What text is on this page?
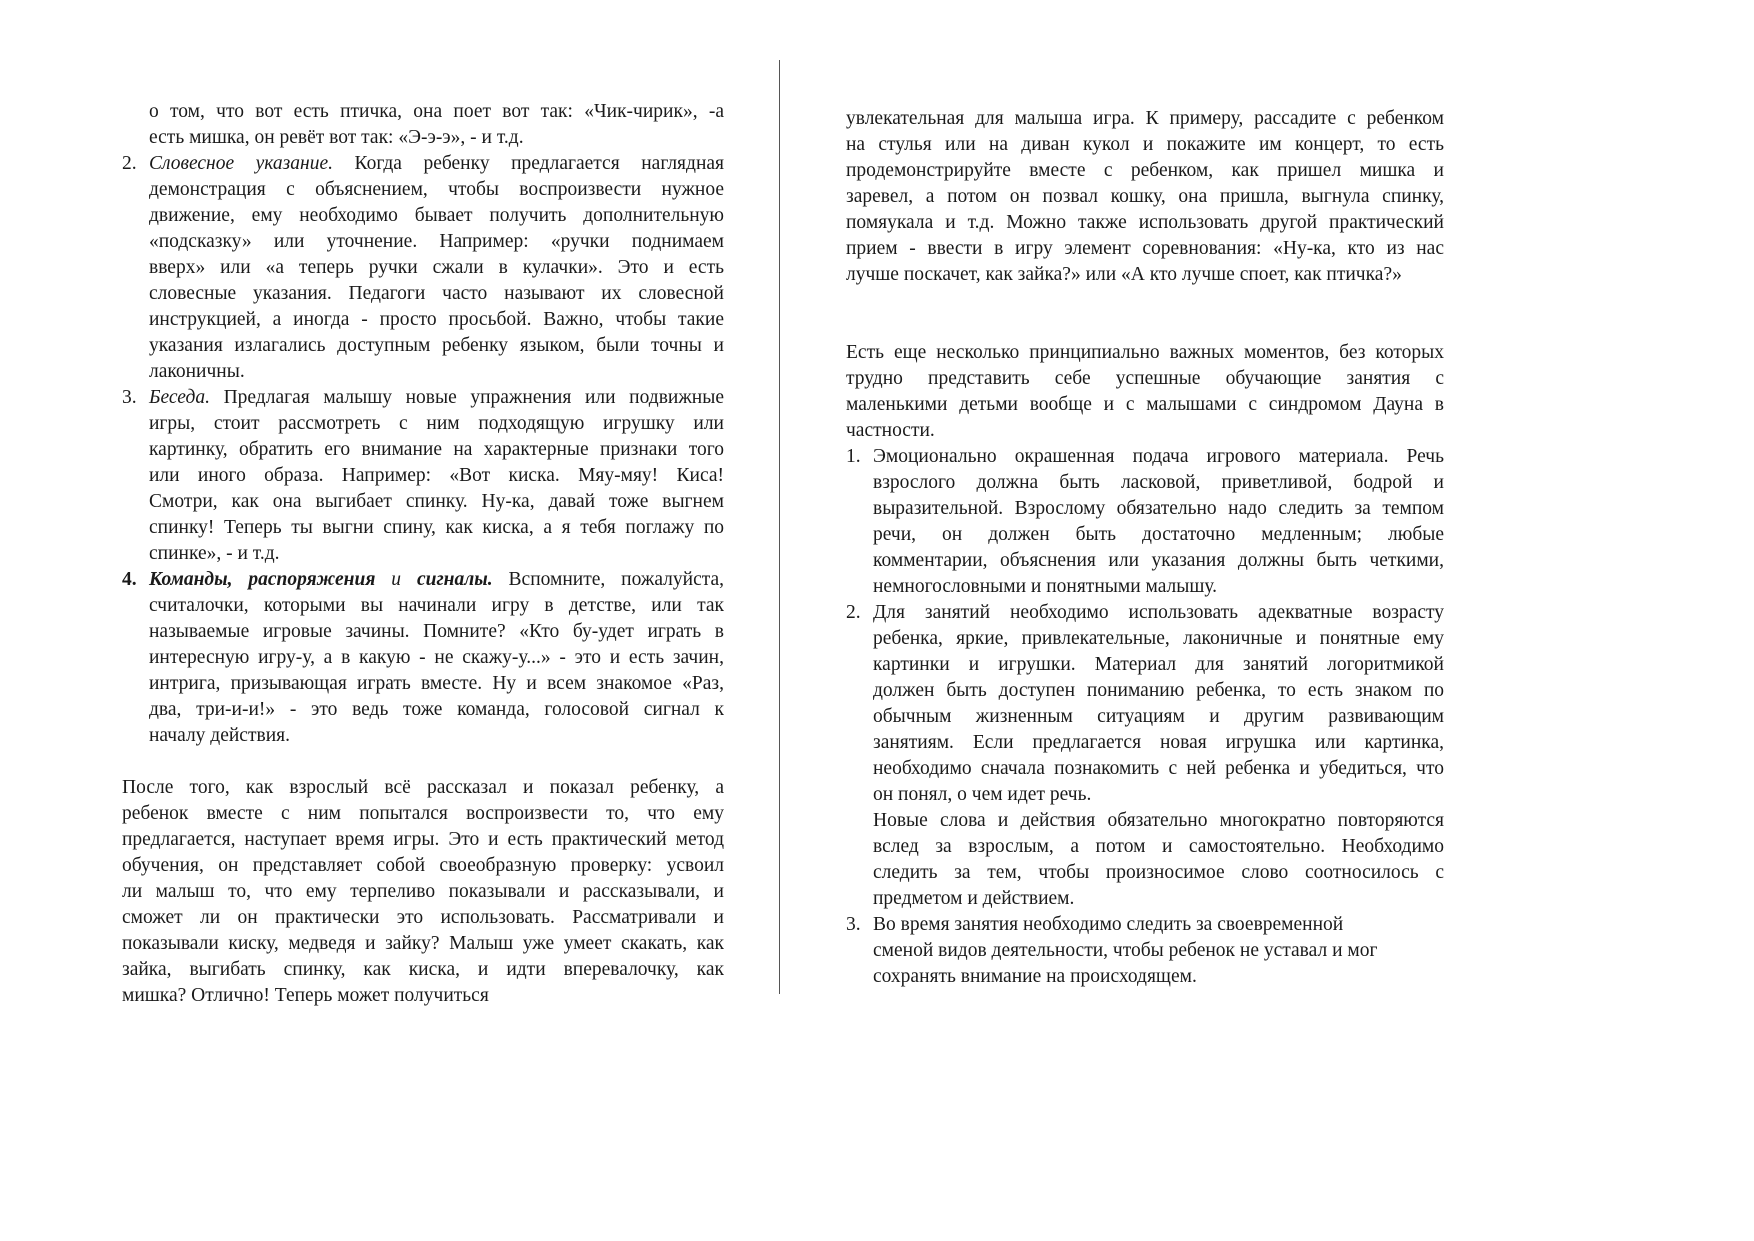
о том, что вот есть птичка, она поет вот так: «Чик-чирик», -а
есть мишка, он ревёт вот так: «Э-э-э», - и т.д.
2. Словесное указание. Когда ребенку предлагается наглядная
демонстрация с объяснением, чтобы воспроизвести нужное
движение, ему необходимо бывает получить дополнительную
«подсказку» или уточнение. Например: «ручки поднимаем
вверх» или «а теперь ручки сжали в кулачки». Это и есть
словесные указания. Педагоги часто называют их словесной
инструкцией, а иногда - просто просьбой. Важно, чтобы такие
указания излагались доступным ребенку языком, были точны и
лаконичны.
3. Беседа. Предлагая малышу новые упражнения или подвижные
игры, стоит рассмотреть с ним подходящую игрушку или
картинку, обратить его внимание на характерные признаки того
или иного образа. Например: «Вот киска. Мяу-мяу! Киса!
Смотри, как она выгибает спинку. Ну-ка, давай тоже выгнем
спинку! Теперь ты выгни спину, как киска, а я тебя поглажу по
спинке», - и т.д.
4. Команды, распоряжения и сигналы. Вспомните, пожалуйста,
считалочки, которыми вы начинали игру в детстве, или так
называемые игровые зачины. Помните? «Кто бу-удет играть в
интересную игру-у, а в какую - не скажу-у...» - это и есть зачин,
интрига, призывающая играть вместе. Ну и всем знакомое «Раз,
два, три-и-и!» - это ведь тоже команда, голосовой сигнал к
началу действия.
После того, как взрослый всё рассказал и показал ребенку, а
ребенок вместе с ним попытался воспроизвести то, что ему
предлагается, наступает время игры. Это и есть практический метод
обучения, он представляет собой своеобразную проверку: усвоил
ли малыш то, что ему терпеливо показывали и рассказывали, и
сможет ли он практически это использовать. Рассматривали и
показывали киску, медведя и зайку? Малыш уже умеет скакать, как
зайка, выгибать спинку, как киска, и идти вперевалочку, как
мишка? Отлично! Теперь может получиться
увлекательная для малыша игра. К примеру, рассадите с ребенком
на стулья или на диван кукол и покажите им концерт, то есть
продемонстрируйте вместе с ребенком, как пришел мишка и
заревел, а потом он позвал кошку, она пришла, выгнула спинку,
помяукала и т.д. Можно также использовать другой практический
прием - ввести в игру элемент соревнования: «Ну-ка, кто из нас
лучше поскачет, как зайка?» или «А кто лучше споет, как птичка?»
Есть еще несколько принципиально важных моментов, без которых
трудно представить себе успешные обучающие занятия с
маленькими детьми вообще и с малышами с синдромом Дауна в
частности.
1. Эмоционально окрашенная подача игрового материала. Речь
взрослого должна быть ласковой, приветливой, бодрой и
выразительной. Взрослому обязательно надо следить за темпом
речи, он должен быть достаточно медленным; любые
комментарии, объяснения или указания должны быть четкими,
немногословными и понятными малышу.
2. Для занятий необходимо использовать адекватные возрасту
ребенка, яркие, привлекательные, лаконичные и понятные ему
картинки и игрушки. Материал для занятий логоритмикой
должен быть доступен пониманию ребенка, то есть знаком по
обычным жизненным ситуациям и другим развивающим
занятиям. Если предлагается новая игрушка или картинка,
необходимо сначала познакомить с ней ребенка и убедиться, что
он понял, о чем идет речь.
Новые слова и действия обязательно многократно повторяются
вслед за взрослым, а потом и самостоятельно. Необходимо
следить за тем, чтобы произносимое слово соотносилось с
предметом и действием.
3. Во время занятия необходимо следить за своевременной
сменой видов деятельности, чтобы ребенок не уставал и мог
сохранять внимание на происходящем.
